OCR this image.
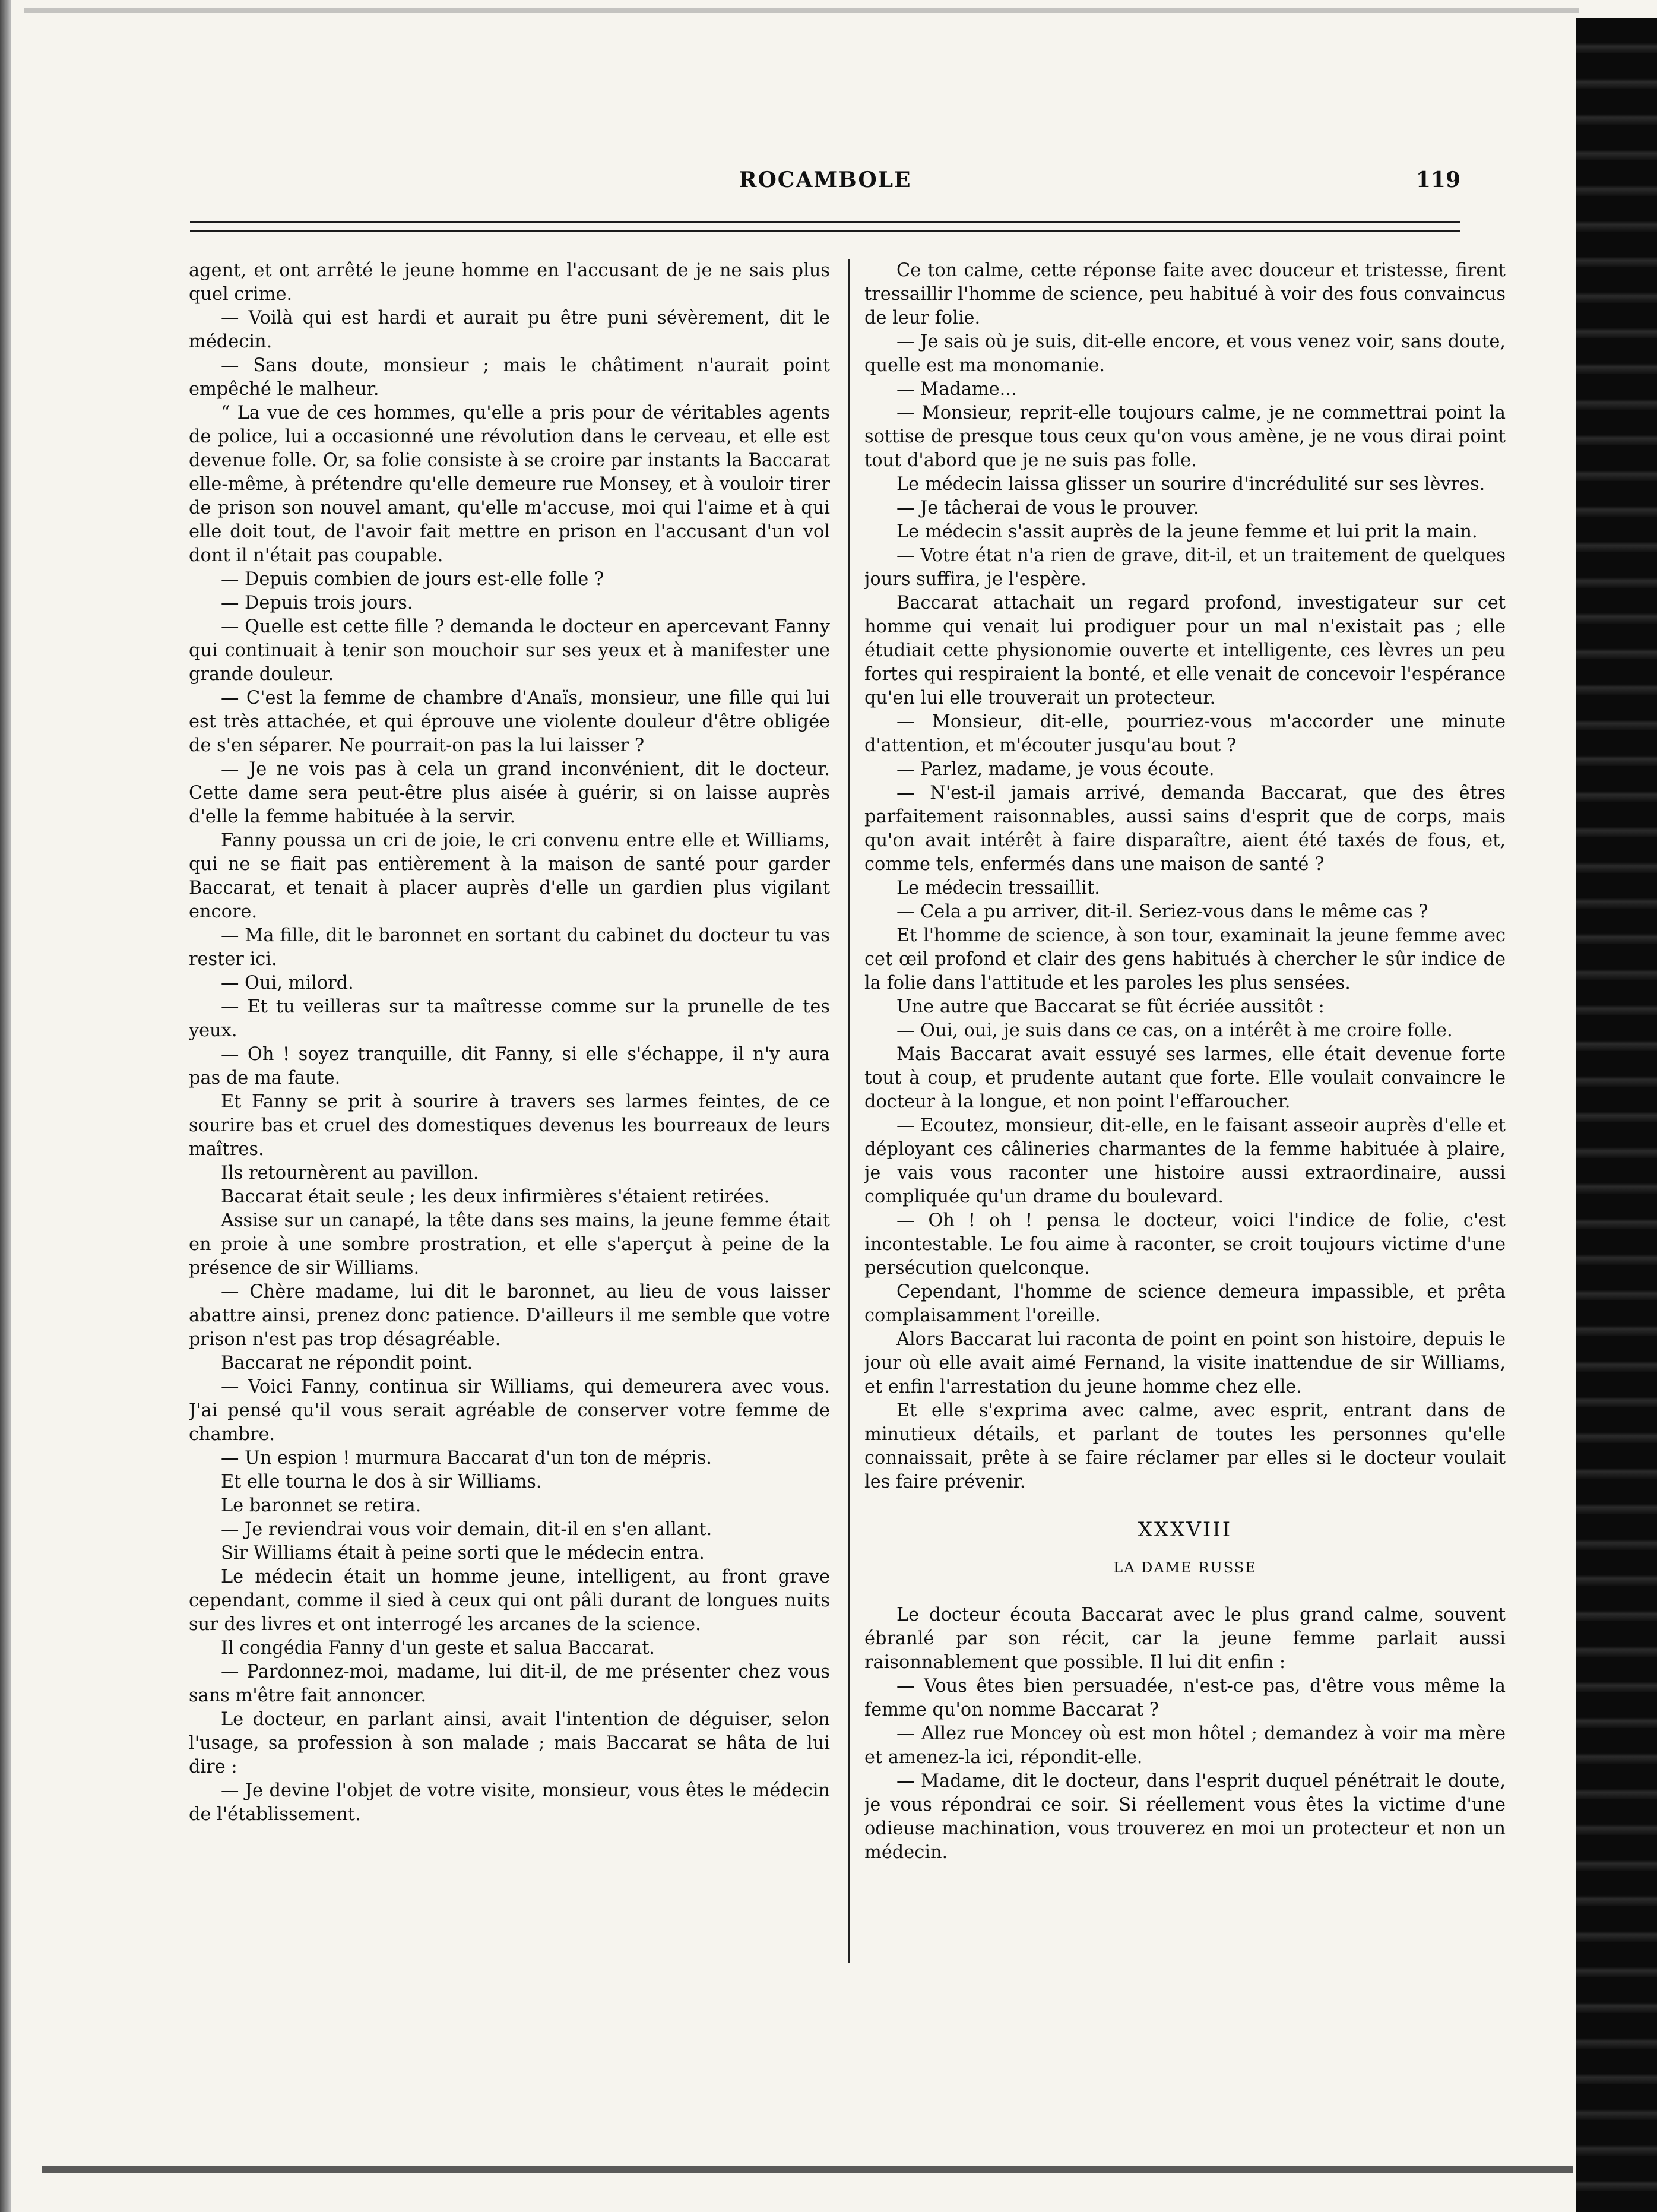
ROCAMBOLE	119

agent, et ont arrêté le jeune homme en l'accusant de je ne sais plus quel crime.

— Voilà qui est hardi et aurait pu être puni sévèrement, dit le médecin.

— Sans doute, monsieur ; mais le châtiment n'aurait point empêché le malheur.

“ La vue de ces hommes, qu'elle a pris pour de véritables agents de police, lui a occasionné une révolution dans le cerveau, et elle est devenue folle. Or, sa folie consiste à se croire par instants la Baccarat elle-même, à prétendre qu'elle demeure rue Monsey, et à vouloir tirer de prison son nouvel amant, qu'elle m'accuse, moi qui l'aime et à qui elle doit tout, de l'avoir fait mettre en prison en l'accusant d'un vol dont il n'était pas coupable.

— Depuis combien de jours est-elle folle ?

— Depuis trois jours.

— Quelle est cette fille ? demanda le docteur en apercevant Fanny qui continuait à tenir son mouchoir sur ses yeux et à manifester une grande douleur.

— C'est la femme de chambre d'Anaïs, monsieur, une fille qui lui est très attachée, et qui éprouve une violente douleur d'être obligée de s'en séparer. Ne pourrait-on pas la lui laisser ?

— Je ne vois pas à cela un grand inconvénient, dit le docteur. Cette dame sera peut-être plus aisée à guérir, si on laisse auprès d'elle la femme habituée à la servir.

Fanny poussa un cri de joie, le cri convenu entre elle et Williams, qui ne se fiait pas entièrement à la maison de santé pour garder Baccarat, et tenait à placer auprès d'elle un gardien plus vigilant encore.

— Ma fille, dit le baronnet en sortant du cabinet du docteur tu vas rester ici.

— Oui, milord.

— Et tu veilleras sur ta maîtresse comme sur la prunelle de tes yeux.

— Oh ! soyez tranquille, dit Fanny, si elle s'échappe, il n'y aura pas de ma faute.

Et Fanny se prit à sourire à travers ses larmes feintes, de ce sourire bas et cruel des domestiques devenus les bourreaux de leurs maîtres.

Ils retournèrent au pavillon.

Baccarat était seule ; les deux infirmières s'étaient retirées.

Assise sur un canapé, la tête dans ses mains, la jeune femme était en proie à une sombre prostration, et elle s'aperçut à peine de la présence de sir Williams.

— Chère madame, lui dit le baronnet, au lieu de vous laisser abattre ainsi, prenez donc patience. D'ailleurs il me semble que votre prison n'est pas trop désagréable.

Baccarat ne répondit point.

— Voici Fanny, continua sir Williams, qui demeurera avec vous. J'ai pensé qu'il vous serait agréable de conserver votre femme de chambre.

— Un espion ! murmura Baccarat d'un ton de mépris.

Et elle tourna le dos à sir Williams.

Le baronnet se retira.

— Je reviendrai vous voir demain, dit-il en s'en allant.

Sir Williams était à peine sorti que le médecin entra.

Le médecin était un homme jeune, intelligent, au front grave cependant, comme il sied à ceux qui ont pâli durant de longues nuits sur des livres et ont interrogé les arcanes de la science.

Il congédia Fanny d'un geste et salua Baccarat.

— Pardonnez-moi, madame, lui dit-il, de me présenter chez vous sans m'être fait annoncer.

Le docteur, en parlant ainsi, avait l'intention de déguiser, selon l'usage, sa profession à son malade ; mais Baccarat se hâta de lui dire :

— Je devine l'objet de votre visite, monsieur, vous êtes le médecin de l'établissement.

Ce ton calme, cette réponse faite avec douceur et tristesse, firent tressaillir l'homme de science, peu habitué à voir des fous convaincus de leur folie.

— Je sais où je suis, dit-elle encore, et vous venez voir, sans doute, quelle est ma monomanie.

— Madame...

— Monsieur, reprit-elle toujours calme, je ne commettrai point la sottise de presque tous ceux qu'on vous amène, je ne vous dirai point tout d'abord que je ne suis pas folle.

Le médecin laissa glisser un sourire d'incrédulité sur ses lèvres.

— Je tâcherai de vous le prouver.

Le médecin s'assit auprès de la jeune femme et lui prit la main.

— Votre état n'a rien de grave, dit-il, et un traitement de quelques jours suffira, je l'espère.

Baccarat attachait un regard profond, investigateur sur cet homme qui venait lui prodiguer pour un mal n'existait pas ; elle étudiait cette physionomie ouverte et intelligente, ces lèvres un peu fortes qui respiraient la bonté, et elle venait de concevoir l'espérance qu'en lui elle trouverait un protecteur.

— Monsieur, dit-elle, pourriez-vous m'accorder une minute d'attention, et m'écouter jusqu'au bout ?

— Parlez, madame, je vous écoute.

— N'est-il jamais arrivé, demanda Baccarat, que des êtres parfaitement raisonnables, aussi sains d'esprit que de corps, mais qu'on avait intérêt à faire disparaître, aient été taxés de fous, et, comme tels, enfermés dans une maison de santé ?

Le médecin tressaillit.

— Cela a pu arriver, dit-il. Seriez-vous dans le même cas ?

Et l'homme de science, à son tour, examinait la jeune femme avec cet œil profond et clair des gens habitués à chercher le sûr indice de la folie dans l'attitude et les paroles les plus sensées.

Une autre que Baccarat se fût écriée aussitôt :

— Oui, oui, je suis dans ce cas, on a intérêt à me croire folle.

Mais Baccarat avait essuyé ses larmes, elle était devenue forte tout à coup, et prudente autant que forte. Elle voulait convaincre le docteur à la longue, et non point l'effaroucher.

— Ecoutez, monsieur, dit-elle, en le faisant asseoir auprès d'elle et déployant ces câlineries charmantes de la femme habituée à plaire, je vais vous raconter une histoire aussi extraordinaire, aussi compliquée qu'un drame du boulevard.

— Oh ! oh ! pensa le docteur, voici l'indice de folie, c'est incontestable. Le fou aime à raconter, se croit toujours victime d'une persécution quelconque.

Cependant, l'homme de science demeura impassible, et prêta complaisamment l'oreille.

Alors Baccarat lui raconta de point en point son histoire, depuis le jour où elle avait aimé Fernand, la visite inattendue de sir Williams, et enfin l'arrestation du jeune homme chez elle.

Et elle s'exprima avec calme, avec esprit, entrant dans de minutieux détails, et parlant de toutes les personnes qu'elle connaissait, prête à se faire réclamer par elles si le docteur voulait les faire prévenir.

XXXVIII
LA DAME RUSSE

Le docteur écouta Baccarat avec le plus grand calme, souvent ébranlé par son récit, car la jeune femme parlait aussi raisonnablement que possible. Il lui dit enfin :

— Vous êtes bien persuadée, n'est-ce pas, d'être vous même la femme qu'on nomme Baccarat ?

— Allez rue Moncey où est mon hôtel ; demandez à voir ma mère et amenez-la ici, répondit-elle.

— Madame, dit le docteur, dans l'esprit duquel pénétrait le doute, je vous répondrai ce soir. Si réellement vous êtes la victime d'une odieuse machination, vous trouverez en moi un protecteur et non un médecin.
